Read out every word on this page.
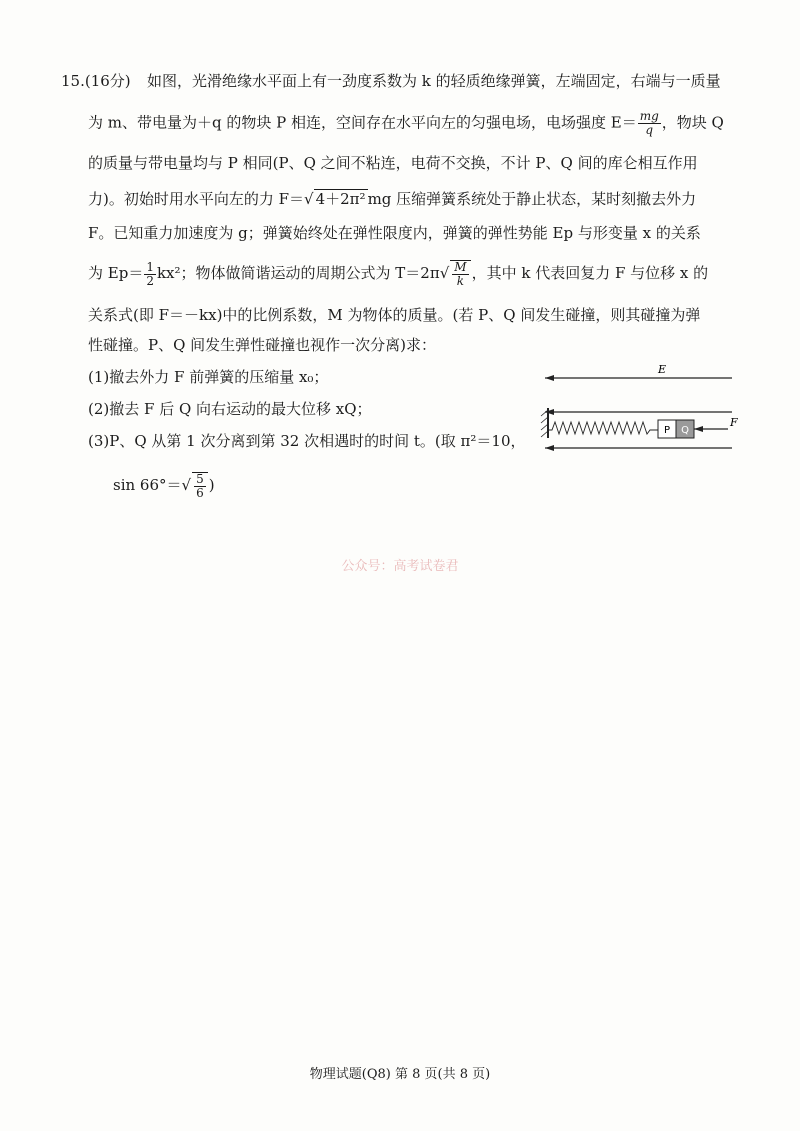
15.(16分) 如图，光滑绝缘水平面上有一劲度系数为 k 的轻质绝缘弹簧，左端固定，右端与一质量
为 m、带电量为＋q 的物块 P 相连，空间存在水平向左的匀强电场，电场强度 $E= \frac{mg}{q}$ ，物块 Q
的质量与带电量均与 P 相同(P、Q 之间不粘连，电荷不交换，不计 P、Q 间的库仑相互作用
力)。初始时用水平向左的力 F＝√ 4＋2π² mg 压缩弹簧系统处于静止状态，某时刻撤去外力
F。已知重力加速度为 g；弹簧始终处在弹性限度内，弹簧的弹性势能 Ep 与形变量 x 的关系
为 $Ep= \frac{1}{2} kx^2$；物体做简谐运动的周期公式为 $T=2\pi√ \frac{M}{k}$ ，其中 k 代表回复力 F 与位移 x 的
关系式(即 F＝－kx)中的比例系数，M 为物体的质量。(若 P、Q 间发生碰撞，则其碰撞为弹
性碰撞。P、Q 间发生弹性碰撞也视作一次分离)求：
(1)撤去外力 F 前弹簧的压缩量 x₀；
(2)撤去 F 后 Q 向右运动的最大位移 xQ；
(3)P、Q 从第 1 次分离到第 32 次相遇时的时间 t。(取 π²＝10，
$\sin 66^\circ=√ \frac{5}{6}$ )
E
P Q
F
公众号：高考试卷君
物理试题(Q8) 第 8 页(共 8 页)
